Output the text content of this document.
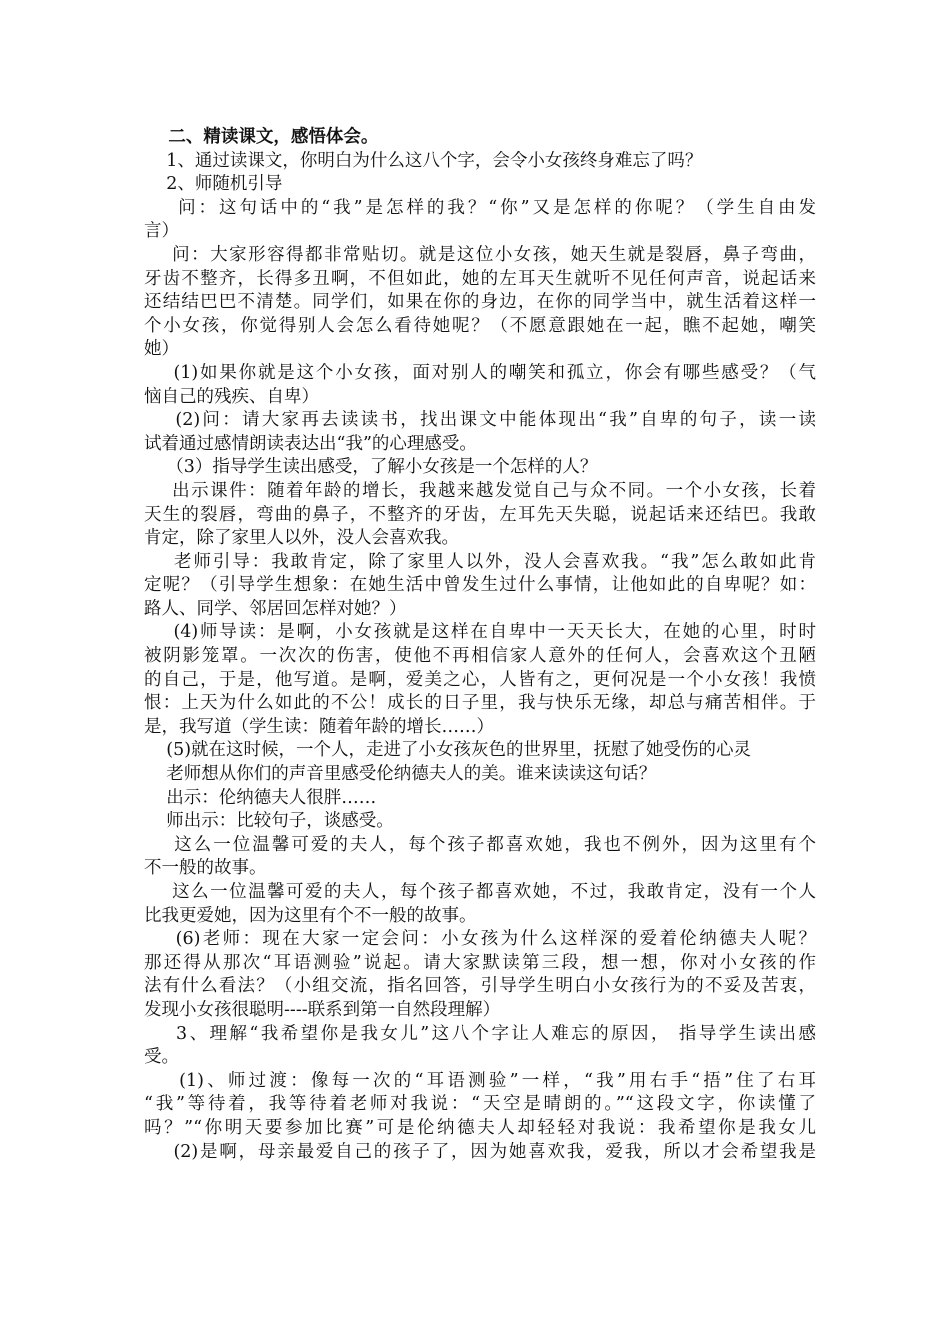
二、精读课文，感悟体会。
1、通过读课文，你明白为什么这八个字，会令小女孩终身难忘了吗？
2、师随机引导
问：这句话中的“我”是怎样的我？“你”又是怎样的你呢？（学生自由发
言）
问：大家形容得都非常贴切。就是这位小女孩，她天生就是裂唇，鼻子弯曲，
牙齿不整齐，长得多丑啊，不但如此，她的左耳天生就听不见任何声音，说起话来
还结结巴巴不清楚。同学们，如果在你的身边，在你的同学当中，就生活着这样一
个小女孩，你觉得别人会怎么看待她呢？（不愿意跟她在一起，瞧不起她，嘲笑
她）
(1)如果你就是这个小女孩，面对别人的嘲笑和孤立，你会有哪些感受？（气
恼自己的残疾、自卑）
(2)问：请大家再去读读书，找出课文中能体现出“我”自卑的句子，读一读
试着通过感情朗读表达出“我”的心理感受。
（3）指导学生读出感受，了解小女孩是一个怎样的人？
出示课件：随着年龄的增长，我越来越发觉自己与众不同。一个小女孩，长着
天生的裂唇，弯曲的鼻子，不整齐的牙齿，左耳先天失聪，说起话来还结巴。我敢
肯定，除了家里人以外，没人会喜欢我。
老师引导：我敢肯定，除了家里人以外，没人会喜欢我。“我”怎么敢如此肯
定呢？（引导学生想象：在她生活中曾发生过什么事情，让他如此的自卑呢？如：
路人、同学、邻居回怎样对她？）
(4)师导读：是啊，小女孩就是这样在自卑中一天天长大，在她的心里，时时
被阴影笼罩。一次次的伤害，使他不再相信家人意外的任何人，会喜欢这个丑陋
的自己，于是，他写道。是啊，爱美之心，人皆有之，更何况是一个小女孩！我愤
恨：上天为什么如此的不公！成长的日子里，我与快乐无缘，却总与痛苦相伴。于
是，我写道（学生读：随着年龄的增长……）
(5)就在这时候，一个人，走进了小女孩灰色的世界里，抚慰了她受伤的心灵
老师想从你们的声音里感受伦纳德夫人的美。谁来读读这句话？
出示：伦纳德夫人很胖……
师出示：比较句子，谈感受。
这么一位温馨可爱的夫人，每个孩子都喜欢她，我也不例外，因为这里有个
不一般的故事。
这么一位温馨可爱的夫人，每个孩子都喜欢她，不过，我敢肯定，没有一个人
比我更爱她，因为这里有个不一般的故事。
(6)老师：现在大家一定会问：小女孩为什么这样深的爱着伦纳德夫人呢？
那还得从那次“耳语测验”说起。请大家默读第三段，想一想，你对小女孩的作
法有什么看法？（小组交流，指名回答，引导学生明白小女孩行为的不妥及苦衷，
发现小女孩很聪明----联系到第一自然段理解）
3、理解“我希望你是我女儿”这八个字让人难忘的原因， 指导学生读出感
受。
(1)、师过渡：像每一次的“耳语测验”一样，“我”用右手“捂”住了右耳
“我”等待着，我等待着老师对我说：“天空是晴朗的。”“这段文字，你读懂了
吗？”“你明天要参加比赛”可是伦纳德夫人却轻轻对我说：我希望你是我女儿
(2)是啊，母亲最爱自己的孩子了，因为她喜欢我，爱我，所以才会希望我是
